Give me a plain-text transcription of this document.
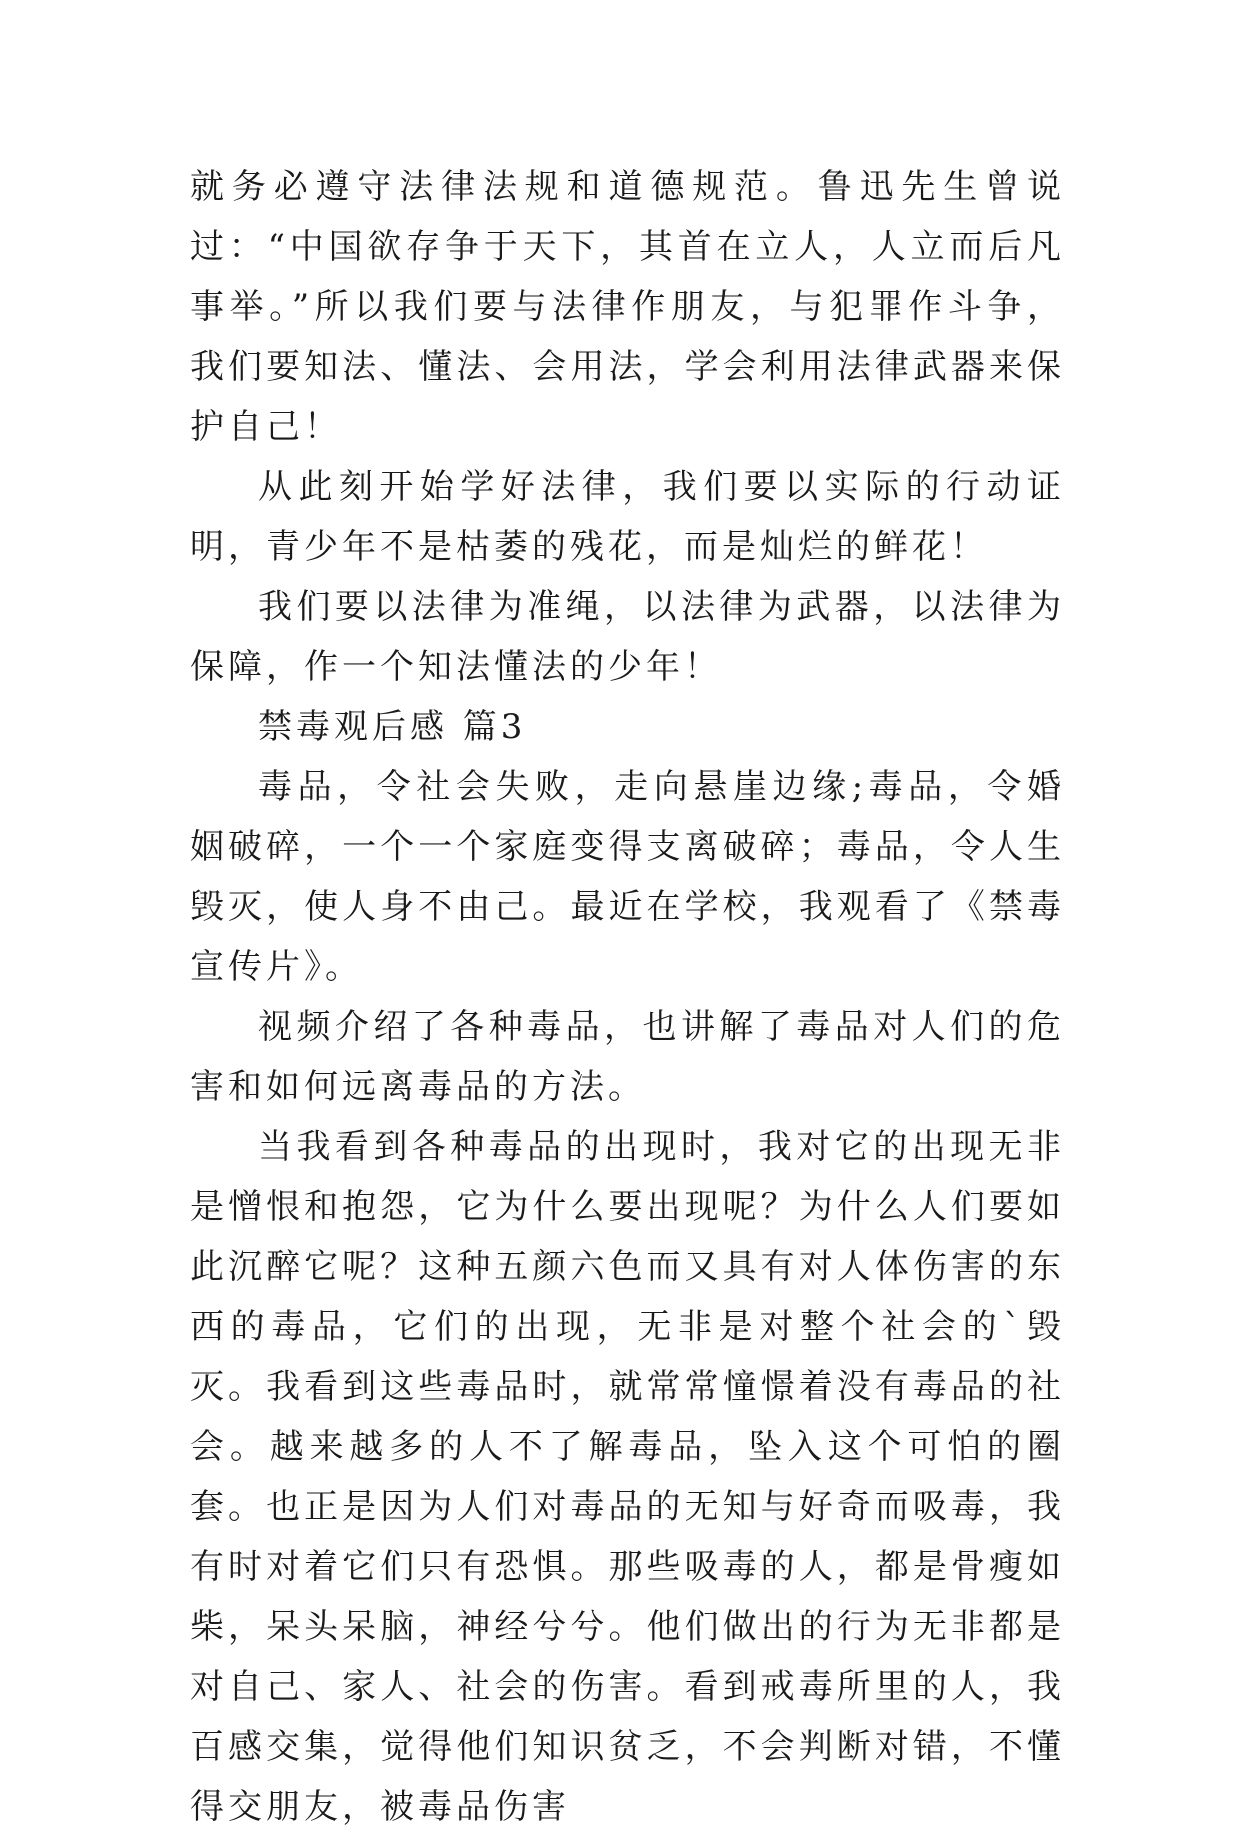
就务必遵守法律法规和道德规范。鲁迅先生曾说过：“中国欲存争于天下，其首在立人，人立而后凡事举。”所以我们要与法律作朋友，与犯罪作斗争，我们要知法、懂法、会用法，学会利用法律武器来保护自己！

从此刻开始学好法律，我们要以实际的行动证明，青少年不是枯萎的残花，而是灿烂的鲜花！

我们要以法律为准绳，以法律为武器，以法律为保障，作一个知法懂法的少年！

禁毒观后感 篇3

毒品，令社会失败，走向悬崖边缘;毒品，令婚姻破碎，一个一个家庭变得支离破碎；毒品，令人生毁灭，使人身不由己。最近在学校，我观看了《禁毒宣传片》。

视频介绍了各种毒品，也讲解了毒品对人们的危害和如何远离毒品的方法。

当我看到各种毒品的出现时，我对它的出现无非是憎恨和抱怨，它为什么要出现呢？为什么人们要如此沉醉它呢？这种五颜六色而又具有对人体伤害的东西的毒品，它们的出现，无非是对整个社会的`毁灭。我看到这些毒品时，就常常憧憬着没有毒品的社会。越来越多的人不了解毒品，坠入这个可怕的圈套。也正是因为人们对毒品的无知与好奇而吸毒，我有时对着它们只有恐惧。那些吸毒的人，都是骨瘦如柴，呆头呆脑，神经兮兮。他们做出的行为无非都是对自己、家人、社会的伤害。看到戒毒所里的人，我百感交集，觉得他们知识贫乏，不会判断对错，不懂得交朋友，被毒品伤害
